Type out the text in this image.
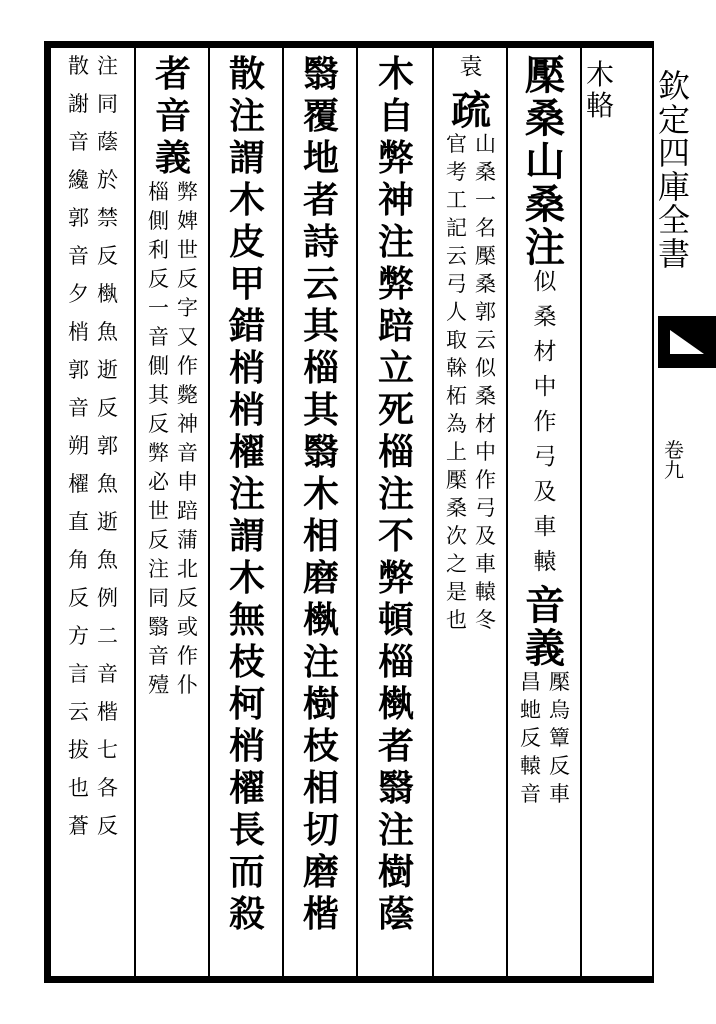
欽
定
四
庫
全
書
卷
九
木
輅
檿
桑
山
桑
注
似
桑
材
中
作
弓
及
車
轅
音
義
檿
烏
簟
反
車
昌
虵
反
轅
音
袁
疏
山
桑
一
名
檿
桑
郭
云
似
桑
材
中
作
弓
及
車
轅
冬
官
考
工
記
云
弓
人
取
榦
柘
為
上
檿
桑
次
之
是
也
木
自
弊
神
注
弊
踣
立
死
椔
注
不
弊
頓
椔
槸
者
翳
注
樹
蔭
翳
覆
地
者
詩
云
其
椔
其
翳
木
相
磨
槸
注
樹
枝
相
切
磨
楷
散
注
謂
木
皮
甲
錯
梢
梢
櫂
注
謂
木
無
枝
柯
梢
櫂
長
而
殺
者
音
義
弊
婢
世
反
字
又
作
斃
神
音
申
踣
蒲
北
反
或
作
仆
椔
側
利
反
一
音
側
其
反
弊
必
世
反
注
同
翳
音
殪
注
同
蔭
於
禁
反
槸
魚
逝
反
郭
魚
逝
魚
例
二
音
楷
七
各
反
散
謝
音
纔
郭
音
夕
梢
郭
音
朔
櫂
直
角
反
方
言
云
拔
也
蒼
